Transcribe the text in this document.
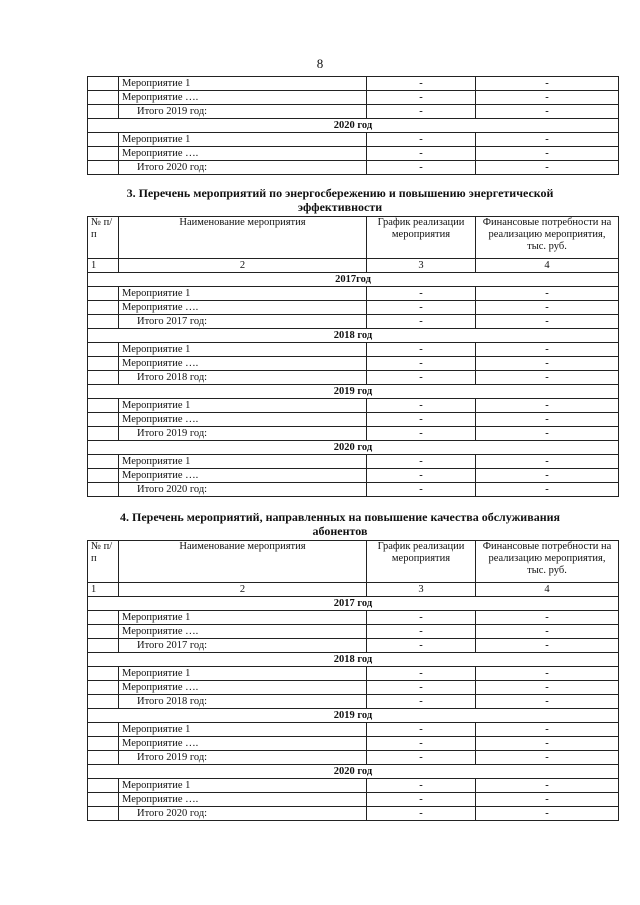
8
	Мероприятие 1	-	-
	Мероприятие ….	-	-
	Итого 2019 год:	-	-
2020 год			
	Мероприятие 1	-	-
	Мероприятие ….	-	-
	Итого 2020 год:	-	-
3. Перечень мероприятий по энергосбережению и повышению энергетической
эффективности
№ п/п	Наименование мероприятия	График реализации мероприятия	Финансовые потребности на реализацию мероприятия, тыс. руб.
1	2	3	4
2017год			
	Мероприятие 1	-	-
	Мероприятие ….	-	-
	Итого 2017 год:	-	-
2018 год			
	Мероприятие 1	-	-
	Мероприятие ….	-	-
	Итого 2018 год:	-	-
2019 год			
	Мероприятие 1	-	-
	Мероприятие ….	-	-
	Итого 2019 год:	-	-
2020 год			
	Мероприятие 1	-	-
	Мероприятие ….	-	-
	Итого 2020 год:	-	-
4. Перечень мероприятий, направленных на повышение качества обслуживания
абонентов
№ п/п	Наименование мероприятия	График реализации мероприятия	Финансовые потребности на реализацию мероприятия, тыс. руб.
1	2	3	4
2017 год			
	Мероприятие 1	-	-
	Мероприятие ….	-	-
	Итого 2017 год:	-	-
2018 год			
	Мероприятие 1	-	-
	Мероприятие ….	-	-
	Итого 2018 год:	-	-
2019 год			
	Мероприятие 1	-	-
	Мероприятие ….	-	-
	Итого 2019 год:	-	-
2020 год			
	Мероприятие 1	-	-
	Мероприятие ….	-	-
	Итого 2020 год:	-	-
